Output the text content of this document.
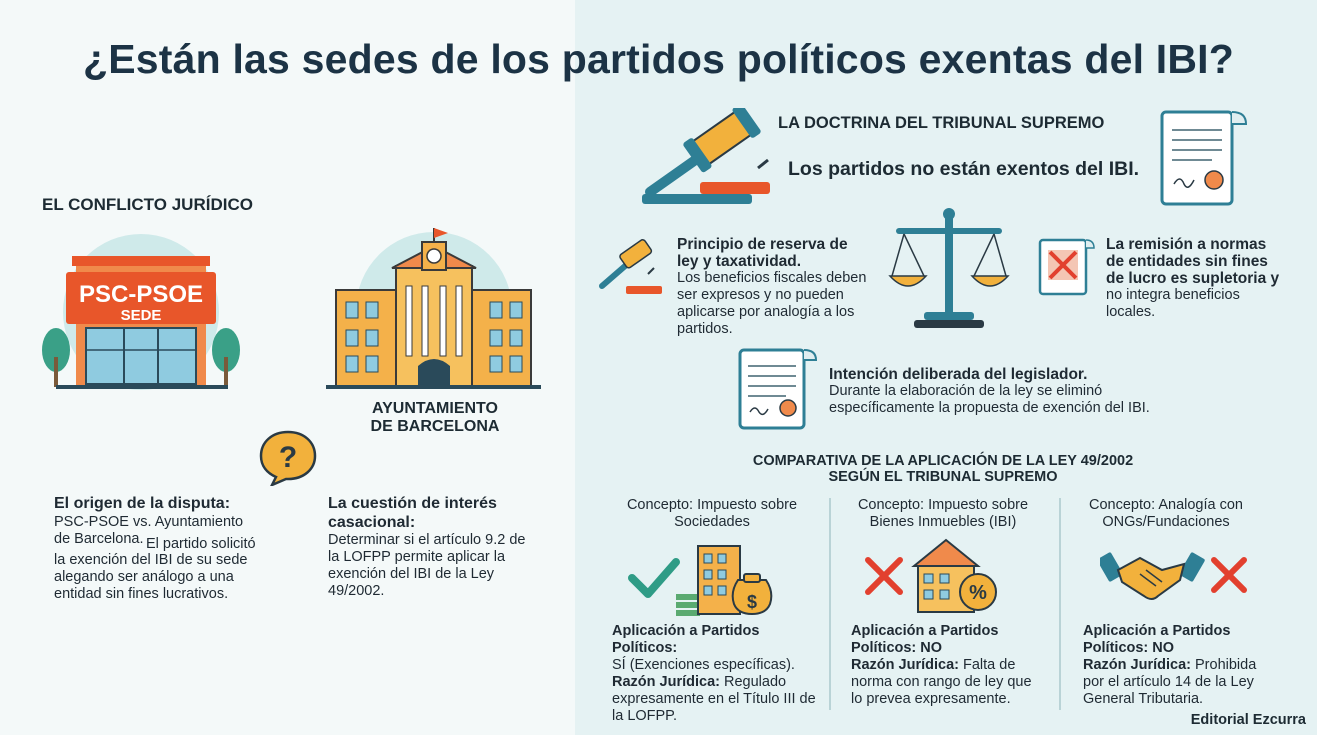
¿Están las sedes de los partidos políticos exentas del IBI?
EL CONFLICTO JURÍDICO
PSC-PSOE
SEDE
AYUNTAMIENTO
DE BARCELONA
?
El origen de la disputa:
PSC-PSOE vs. Ayuntamiento
de Barcelona. El partido solicitó
la exención del IBI de su sede
alegando ser análogo a una
entidad sin fines lucrativos.
La cuestión de interés
casacional:
Determinar si el artículo 9.2 de
la LOFPP permite aplicar la
exención del IBI de la Ley
49/2002.
LA DOCTRINA DEL TRIBUNAL SUPREMO
Los partidos no están exentos del IBI.
Principio de reserva de
ley y taxatividad.
Los beneficios fiscales deben
ser expresos y no pueden
aplicarse por analogía a los
partidos.
La remisión a normas
de entidades sin fines
de lucro es supletoria y
no integra beneficios
locales.
Intención deliberada del legislador.
Durante la elaboración de la ley se eliminó
específicamente la propuesta de exención del IBI.
COMPARATIVA DE LA APLICACIÓN DE LA LEY 49/2002
SEGÚN EL TRIBUNAL SUPREMO
Concepto: Impuesto sobre
Sociedades
$
Aplicación a Partidos Políticos:
SÍ (Exenciones específicas).
Razón Jurídica: Regulado
expresamente en el Título III de
la LOFPP.
Concepto: Impuesto sobre
Bienes Inmuebles (IBI)
%
Aplicación a Partidos
Políticos: NO
Razón Jurídica: Falta de
norma con rango de ley que
lo prevea expresamente.
Concepto: Analogía con
ONGs/Fundaciones
Aplicación a Partidos
Políticos: NO
Razón Jurídica: Prohibida
por el artículo 14 de la Ley
General Tributaria.
Editorial Ezcurra
